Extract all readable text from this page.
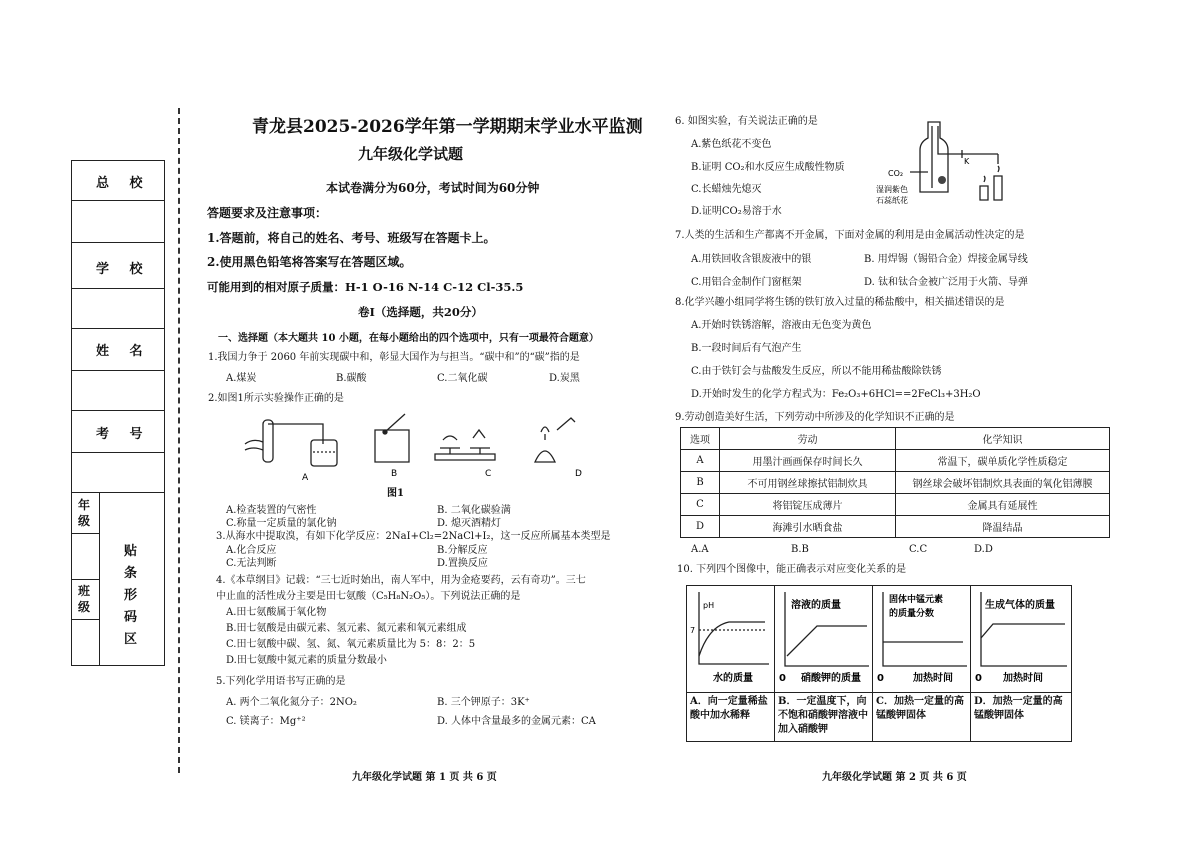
总 校
学 校
姓 名
考 号
年级
班级
贴条形码区
青龙县2025-2026学年第一学期期末学业水平监测
九年级化学试题
本试卷满分为60分，考试时间为60分钟
答题要求及注意事项：
1.答题前，将自己的姓名、考号、班级写在答题卡上。
2.使用黑色铅笔将答案写在答题区域。
可能用到的相对原子质量：H-1 O-16 N-14 C-12 Cl-35.5
卷I（选择题，共20分）
一、选择题（本大题共 10 小题，在每小题给出的四个选项中，只有一项最符合题意）
1.我国力争于 2060 年前实现碳中和，彰显大国作为与担当。“碳中和”的“碳”指的是
A.煤炭	B.碳酸	C.二氧化碳	D.炭黑
2.如图1所示实验操作正确的是
A	B	C	D
图1
A.检查装置的气密性	B. 二氧化碳验满
C.称量一定质量的氯化钠	D. 熄灭酒精灯
3.从海水中提取溴，有如下化学反应：2NaI+Cl₂=2NaCl+I₂，这一反应所属基本类型是
A.化合反应	B.分解反应
C.无法判断	D.置换反应
4.《本草纲目》记载：“三七近时始出，南人军中，用为金疮要药，云有奇功”。三七
中止血的活性成分主要是田七氨酸（C₅H₈N₂O₅）。下列说法正确的是
A.田七氨酸属于氧化物
B.田七氨酸是由碳元素、氢元素、氮元素和氧元素组成
C.田七氨酸中碳、氢、氮、氧元素质量比为 5：8：2：5
D.田七氨酸中氮元素的质量分数最小
5.下列化学用语书写正确的是
A. 两个二氧化氮分子：2NO₂	B. 三个钾原子：3K⁺
C. 镁离子：Mg⁺²	D. 人体中含量最多的金属元素：CA
九年级化学试题 第 1 页 共 6 页
6. 如图实验，有关说法正确的是
A.紫色纸花不变色
B.证明 CO₂和水反应生成酸性物质
C.长蜡烛先熄灭
D.证明CO₂易溶于水
CO₂
K
湿润紫色
石蕊纸花
7.人类的生活和生产都离不开金属，下面对金属的利用是由金属活动性决定的是
A.用铁回收含银废液中的银	B. 用焊锡（锡铅合金）焊接金属导线
C.用铝合金制作门窗框架	D. 钛和钛合金被广泛用于火箭、导弹
8.化学兴趣小组同学将生锈的铁钉放入过量的稀盐酸中，相关描述错误的是
A.开始时铁锈溶解，溶液由无色变为黄色
B.一段时间后有气泡产生
C.由于铁钉会与盐酸发生反应，所以不能用稀盐酸除铁锈
D.开始时发生的化学方程式为：Fe₂O₃+6HCl==2FeCl₃+3H₂O
9.劳动创造美好生活，下列劳动中所涉及的化学知识不正确的是
选项	劳动	化学知识
A	用墨汁画画保存时间长久	常温下，碳单质化学性质稳定
B	不可用钢丝球擦拭铝制炊具	钢丝球会破坏铝制炊具表面的氧化铝薄膜
C	将铝锭压成薄片	金属具有延展性
D	海滩引水晒食盐	降温结晶
A.A	B.B	C.C	D.D
10. 下列四个图像中，能正确表示对应变化关系的是
pH
7
水的质量
A．向一定量稀盐酸中加水稀释
溶液的质量
0 硝酸钾的质量
B．一定温度下，向不饱和硝酸钾溶液中加入硝酸钾
固体中锰元素
的质量分数
0	加热时间
C．加热一定量的高锰酸钾固体
生成气体的质量
0 加热时间
D．加热一定量的高锰酸钾固体
九年级化学试题 第 2 页 共 6 页
